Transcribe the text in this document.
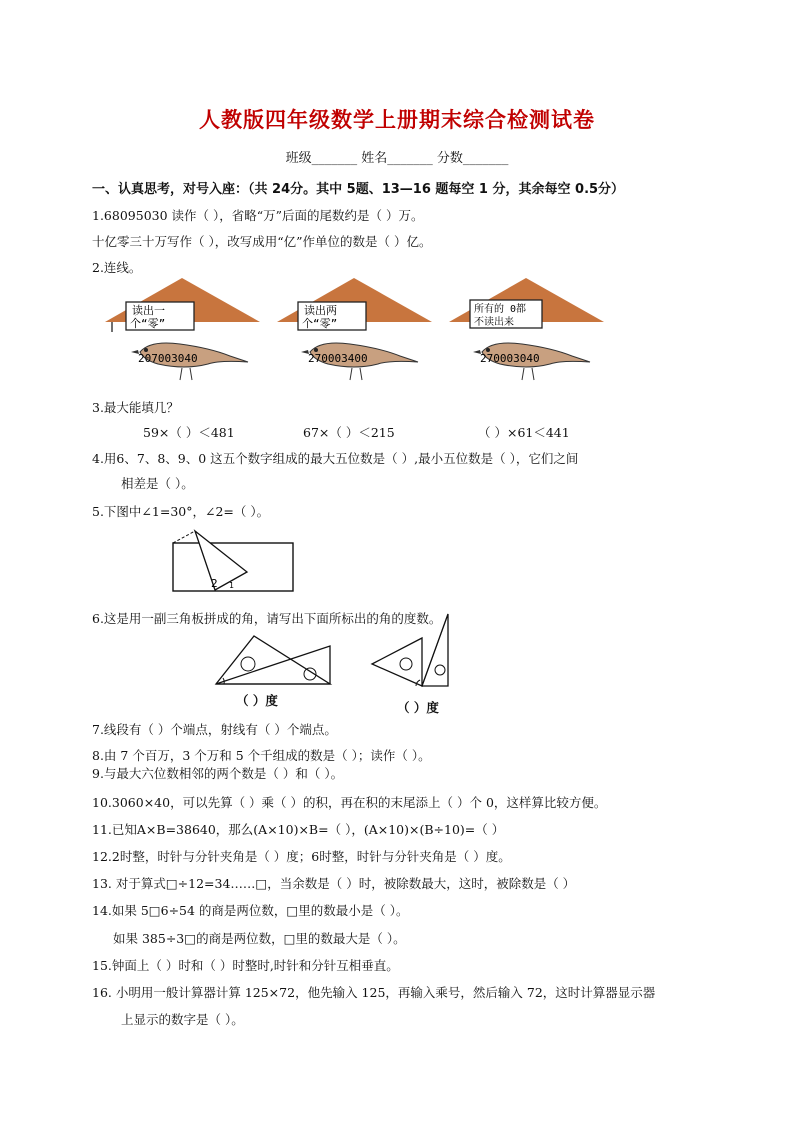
人教版四年级数学上册期末综合检测试卷
班级_______ 姓名_______ 分数_______
一、认真思考，对号入座：（共 24分。其中 5题、13—16 题每空 1 分，其余每空 0.5分）
1.68095030 读作（ ），省略“万”后面的尾数约是（ ）万。
十亿零三十万写作（ ），改写成用“亿”作单位的数是（ ）亿。
2.连线。
读出一
个“零”
207003040
读出两
个“零”
270003400
所有的 0都
不读出来
270003040
3.最大能填几？
59×（ ）＜481	67×（ ）＜215	（ ）×61＜441
4.用6、7、8、9、0 这五个数字组成的最大五位数是（ ）,最小五位数是（ ），它们之间
相差是（ ）。
5.下图中∠1=30°，∠2=（ ）。
2 1
6.这是用一副三角板拼成的角，请写出下面所标出的角的度数。
（ ）度	（ ）度
7.线段有（ ）个端点，射线有（ ）个端点。
8.由 7 个百万，3 个万和 5 个千组成的数是（ ）；读作（ ）。
9.与最大六位数相邻的两个数是（ ）和（ ）。
10.3060×40，可以先算（ ）乘（ ）的积，再在积的末尾添上（ ）个 0，这样算比较方便。
11.已知A×B=38640，那么(A×10)×B=（ ），(A×10)×(B÷10)=（ ）
12.2时整，时针与分针夹角是（ ）度；6时整，时针与分针夹角是（ ）度。
13. 对于算式□÷12=34……□，当余数是（ ）时，被除数最大，这时，被除数是（ ）
14.如果 5□6÷54 的商是两位数，□里的数最小是（ ）。
如果 385÷3□的商是两位数，□里的数最大是（ ）。
15.钟面上（ ）时和（ ）时整时,时针和分针互相垂直。
16. 小明用一般计算器计算 125×72，他先输入 125，再输入乘号，然后输入 72，这时计算器显示器
上显示的数字是（ ）。
